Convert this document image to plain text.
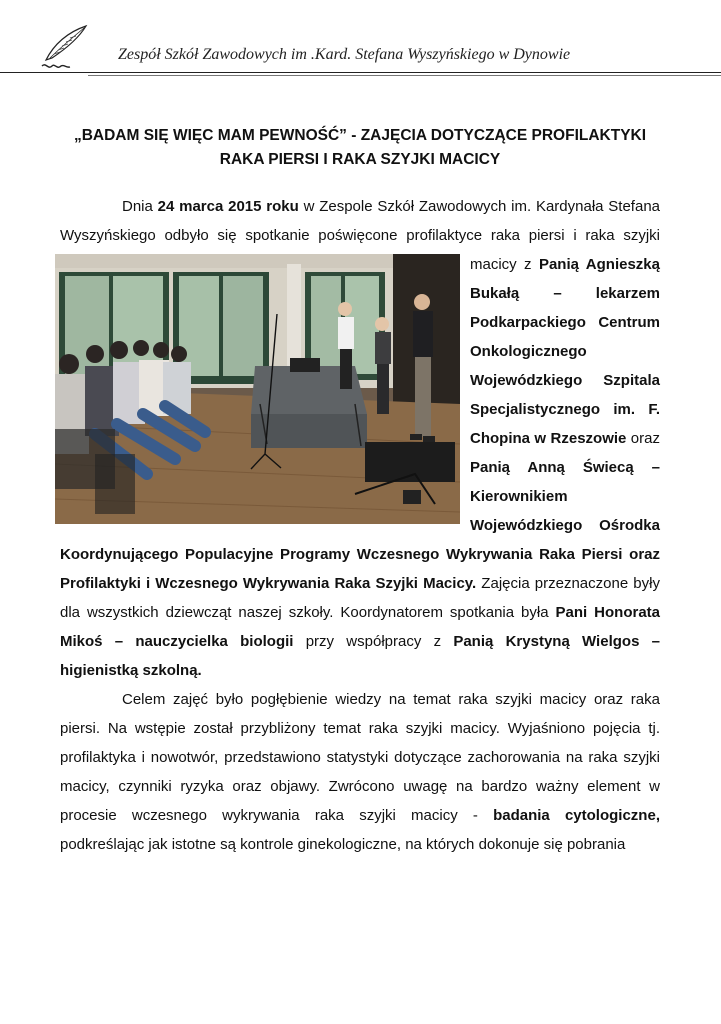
Zespół Szkół Zawodowych im .Kard. Stefana Wyszyńskiego w Dynowie
„BADAM SIĘ WIĘC MAM PEWNOŚĆ” - ZAJĘCIA DOTYCZĄCE PROFILAKTYKI
RAKA PIERSI I RAKA SZYJKI MACICY

Dnia 24 marca 2015 roku w Zespole Szkół Zawodowych im. Kardynała Stefana Wyszyńskiego odbyło się spotkanie poświęcone profilaktyce raka piersi i raka szyjki macicy z
Panią Agnieszką Bukałą – lekarzem Podkarpackiego Centrum Onkologicznego Wojewódzkiego Szpitala Specjalistycznego im. F. Chopina w Rzeszowie oraz Panią Anną Świecą – Kierownikiem Wojewódzkiego Ośrodka Koordynującego Populacyjne Programy Wczesnego Wykrywania Raka Piersi oraz Profilaktyki i Wczesnego Wykrywania Raka Szyjki Macicy. Zajęcia przeznaczone były dla wszystkich dziewcząt naszej szkoły. Koordynatorem spotkania była Pani Honorata Mikoś – nauczycielka biologii przy współpracy z Panią Krystyną Wielgos – higienistką szkolną.

Celem zajęć było pogłębienie wiedzy na temat raka szyjki macicy oraz raka piersi. Na wstępie został przybliżony temat raka szyjki macicy. Wyjaśniono pojęcia tj. profilaktyka i nowotwór, przedstawiono statystyki dotyczące zachorowania na raka szyjki macicy, czynniki ryzyka oraz objawy. Zwrócono uwagę na bardzo ważny element w procesie wczesnego wykrywania raka szyjki macicy - badania cytologiczne, podkreślając jak istotne są kontrole ginekologiczne, na których dokonuje się pobrania
